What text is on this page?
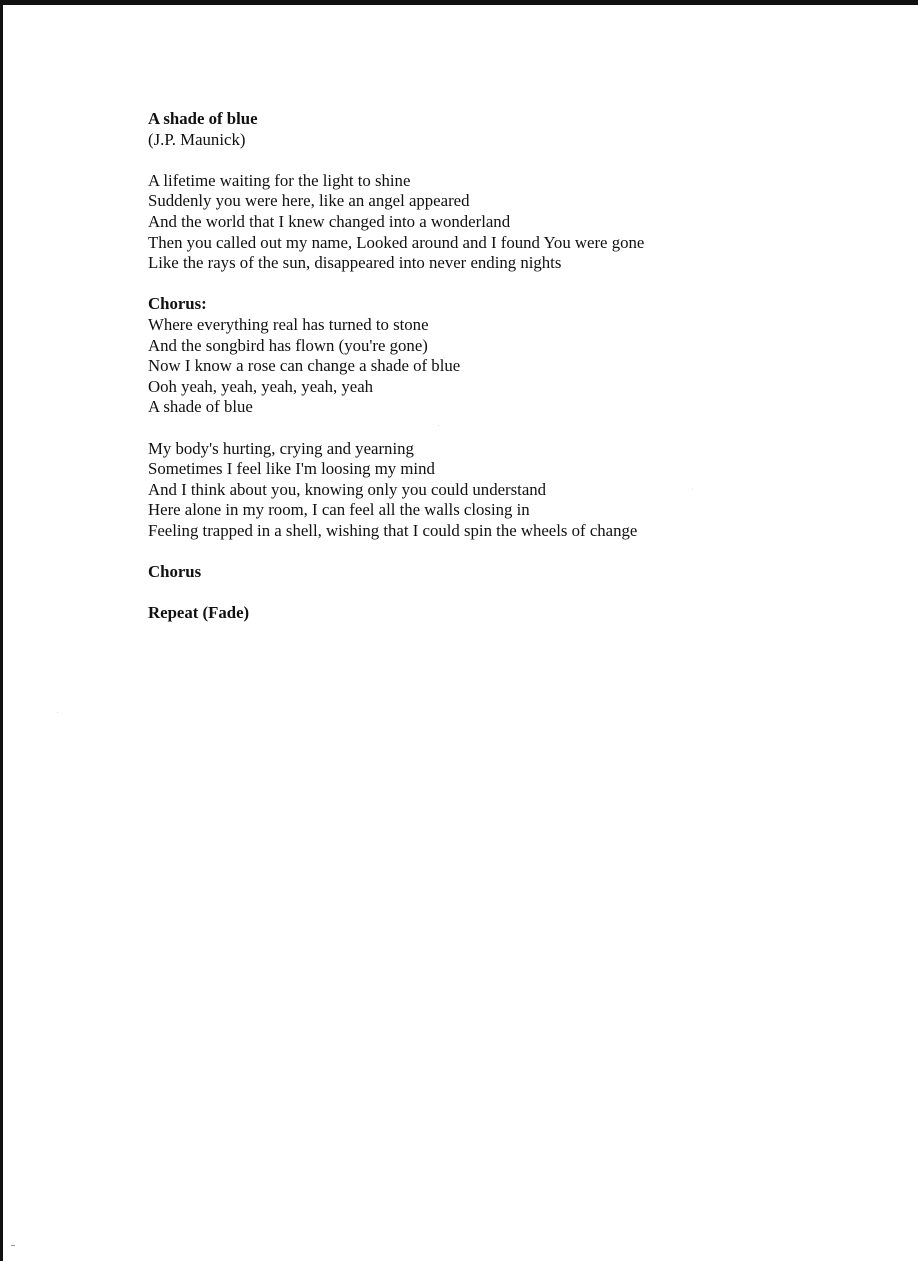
A shade of blue

(J.P. Maunick)

A lifetime waiting for the light to shine

Suddenly you were here, like an angel appeared

And the world that I knew changed into a wonderland

Then you called out my name, Looked around and I found You were gone

Like the rays of the sun, disappeared into never ending nights

Chorus:

Where everything real has turned to stone

And the songbird has flown (you're gone)

Now I know a rose can change a shade of blue

Ooh yeah, yeah, yeah, yeah, yeah

A shade of blue

My body's hurting, crying and yearning

Sometimes I feel like I'm loosing my mind

And I think about you, knowing only you could understand

Here alone in my room, I can feel all the walls closing in

Feeling trapped in a shell, wishing that I could spin the wheels of change

Chorus

Repeat (Fade)
